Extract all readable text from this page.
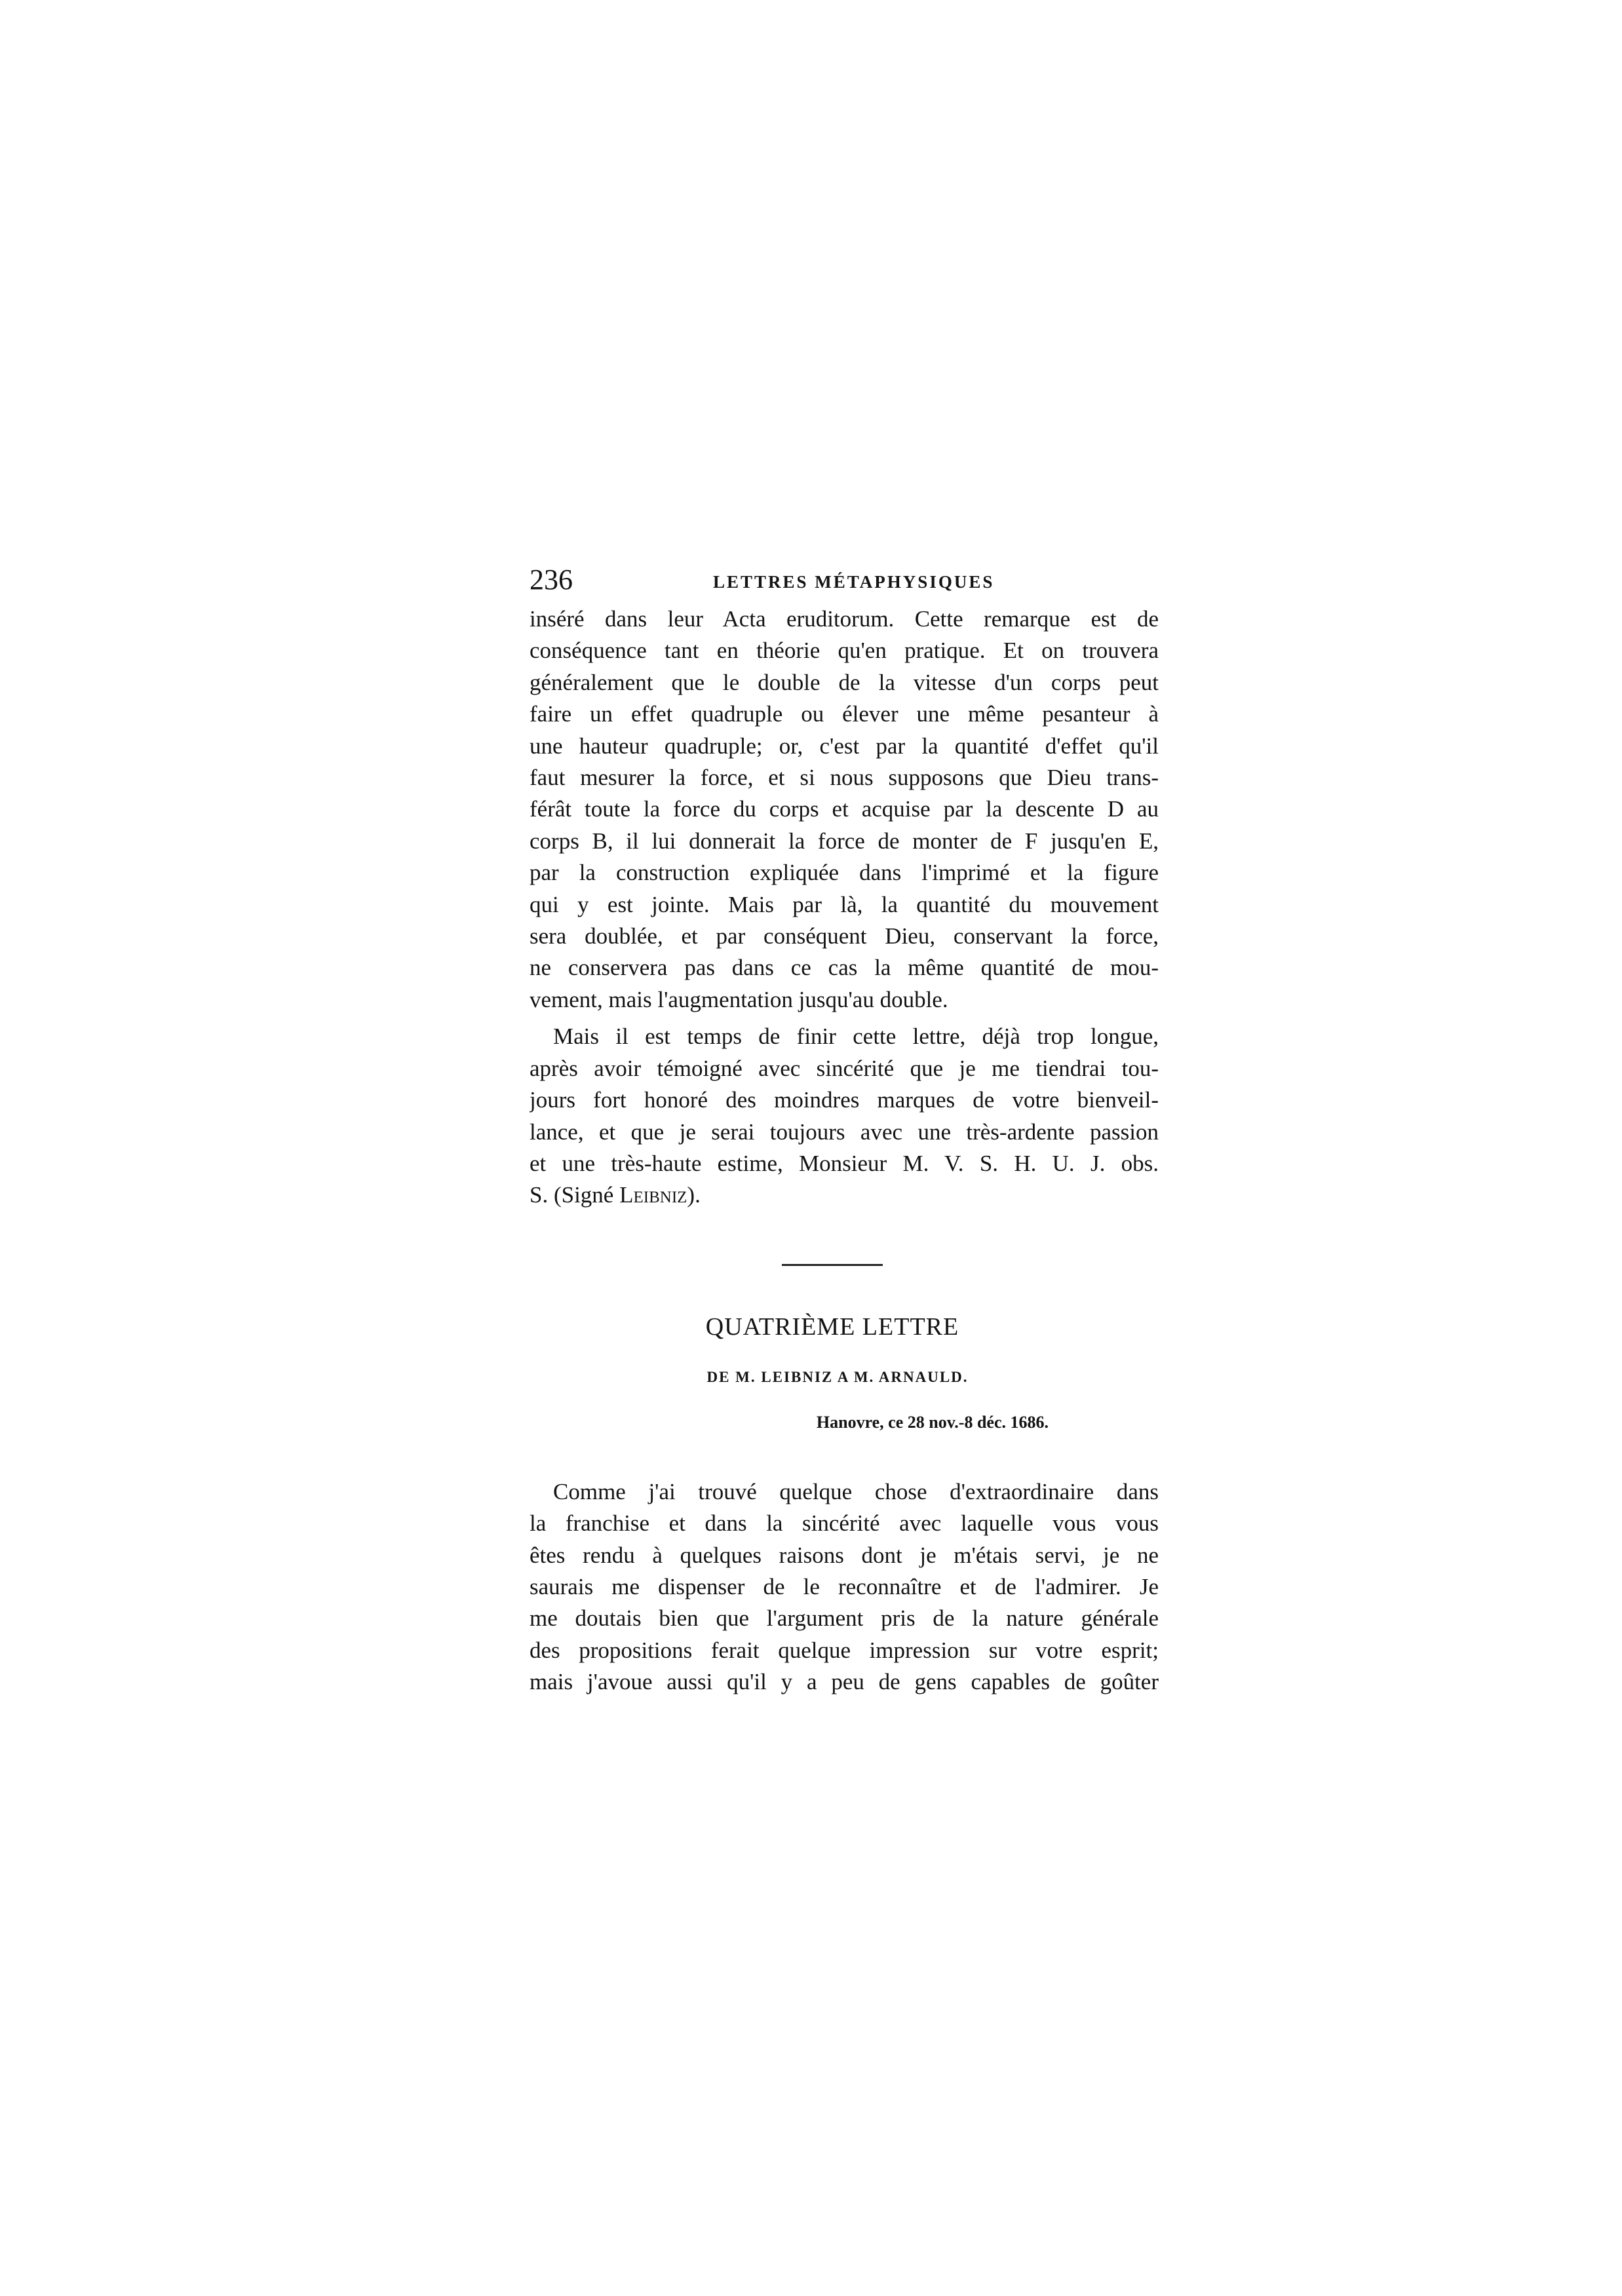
236	LETTRES MÉTAPHYSIQUES
inséré dans leur Acta eruditorum. Cette remarque est de
conséquence tant en théorie qu'en pratique. Et on trouvera
généralement que le double de la vitesse d'un corps peut
faire un effet quadruple ou élever une même pesanteur à
une hauteur quadruple; or, c'est par la quantité d'effet qu'il
faut mesurer la force, et si nous supposons que Dieu trans-
férât toute la force du corps et acquise par la descente D au
corps B, il lui donnerait la force de monter de F jusqu'en E,
par la construction expliquée dans l'imprimé et la figure
qui y est jointe. Mais par là, la quantité du mouvement
sera doublée, et par conséquent Dieu, conservant la force,
ne conservera pas dans ce cas la même quantité de mou-
vement, mais l'augmentation jusqu'au double.
Mais il est temps de finir cette lettre, déjà trop longue,
après avoir témoigné avec sincérité que je me tiendrai tou-
jours fort honoré des moindres marques de votre bienveil-
lance, et que je serai toujours avec une très-ardente passion
et une très-haute estime, Monsieur M. V. S. H. U. J. obs.
S. (Signé Leibniz).
QUATRIÈME LETTRE
DE M. LEIBNIZ A M. ARNAULD.
Hanovre, ce 28 nov.-8 déc. 1686.
Comme j'ai trouvé quelque chose d'extraordinaire dans
la franchise et dans la sincérité avec laquelle vous vous
êtes rendu à quelques raisons dont je m'étais servi, je ne
saurais me dispenser de le reconnaître et de l'admirer. Je
me doutais bien que l'argument pris de la nature générale
des propositions ferait quelque impression sur votre esprit;
mais j'avoue aussi qu'il y a peu de gens capables de goûter
